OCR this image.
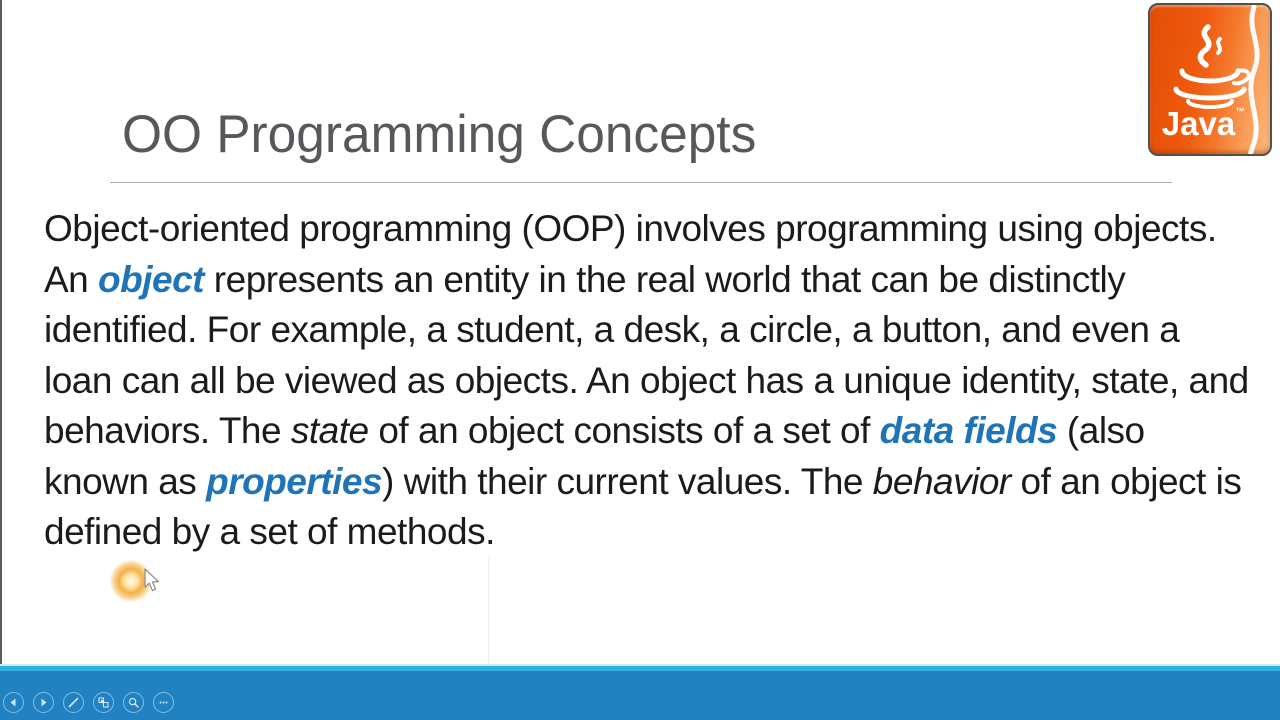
Java™
OO Programming Concepts

Object-oriented programming (OOP) involves programming using objects. An object represents an entity in the real world that can be distinctly identified. For example, a student, a desk, a circle, a button, and even a loan can all be viewed as objects. An object has a unique identity, state, and behaviors. The state of an object consists of a set of data fields (also known as properties) with their current values. The behavior of an object is defined by a set of methods.
